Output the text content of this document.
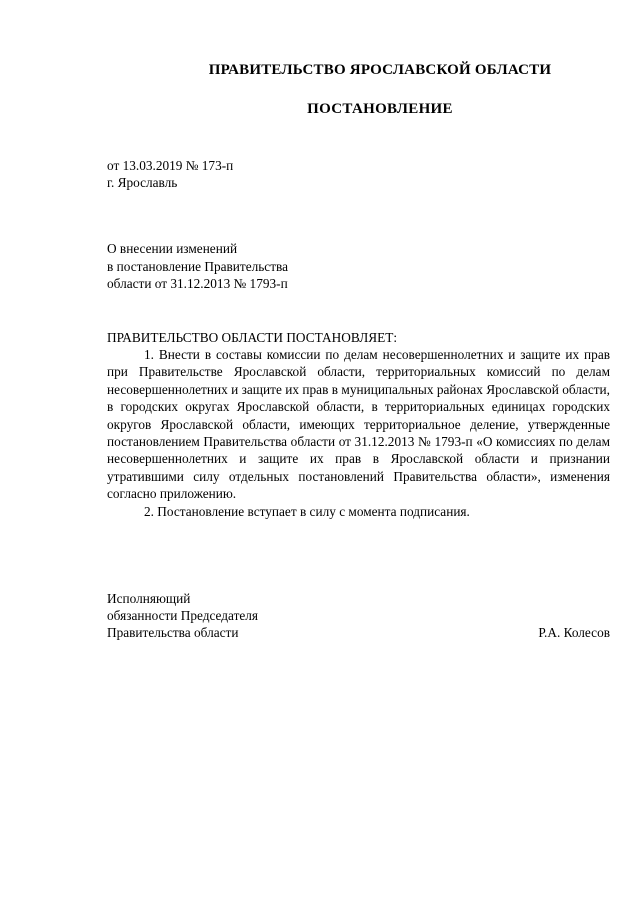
ПРАВИТЕЛЬСТВО ЯРОСЛАВСКОЙ ОБЛАСТИ
ПОСТАНОВЛЕНИЕ
от 13.03.2019 № 173-п
г. Ярославль
О внесении изменений
в постановление Правительства
области от 31.12.2013 № 1793-п
ПРАВИТЕЛЬСТВО ОБЛАСТИ ПОСТАНОВЛЯЕТ:

1. Внести в составы комиссии по делам несовершеннолетних и защите их прав при Правительстве Ярославской области, территориальных комиссий по делам несовершеннолетних и защите их прав в муниципальных районах Ярославской области, в городских округах Ярославской области, в территориальных единицах городских округов Ярославской области, имеющих территориальное деление, утвержденные постановлением Правительства области от 31.12.2013 № 1793-п «О комиссиях по делам несовершеннолетних и защите их прав в Ярославской области и признании утратившими силу отдельных постановлений Правительства области», изменения согласно приложению.

2. Постановление вступает в силу с момента подписания.

Исполняющий
обязанности Председателя
Правительства области	Р.А. Колесов
